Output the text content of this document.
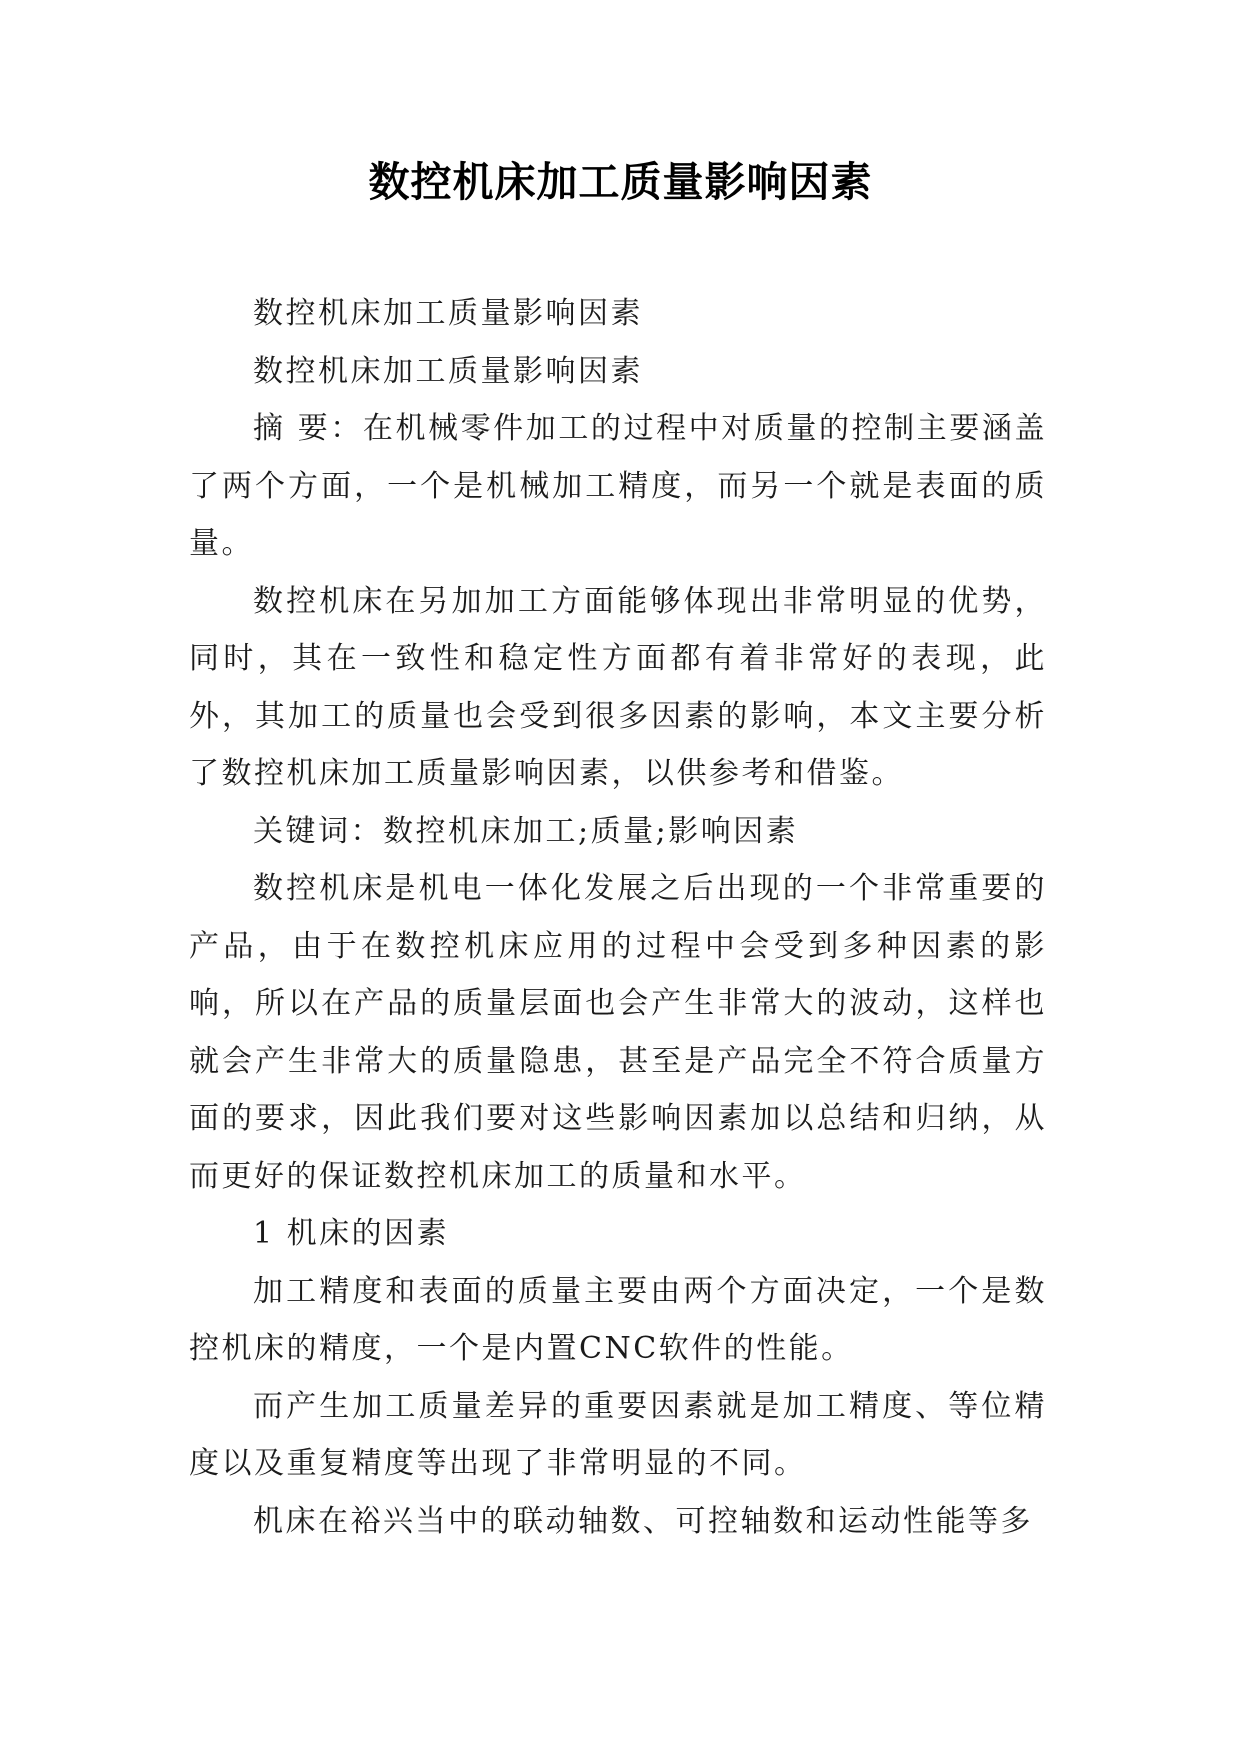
数控机床加工质量影响因素

数控机床加工质量影响因素

数控机床加工质量影响因素

摘 要：在机械零件加工的过程中对质量的控制主要涵盖了两个方面，一个是机械加工精度，而另一个就是表面的质量。

数控机床在另加加工方面能够体现出非常明显的优势，同时，其在一致性和稳定性方面都有着非常好的表现，此外，其加工的质量也会受到很多因素的影响，本文主要分析了数控机床加工质量影响因素，以供参考和借鉴。

关键词：数控机床加工;质量;影响因素

数控机床是机电一体化发展之后出现的一个非常重要的产品，由于在数控机床应用的过程中会受到多种因素的影响，所以在产品的质量层面也会产生非常大的波动，这样也就会产生非常大的质量隐患，甚至是产品完全不符合质量方面的要求，因此我们要对这些影响因素加以总结和归纳，从而更好的保证数控机床加工的质量和水平。

1 机床的因素

加工精度和表面的质量主要由两个方面决定，一个是数控机床的精度，一个是内置CNC软件的性能。

而产生加工质量差异的重要因素就是加工精度、等位精度以及重复精度等出现了非常明显的不同。

机床在裕兴当中的联动轴数、可控轴数和运动性能等多
